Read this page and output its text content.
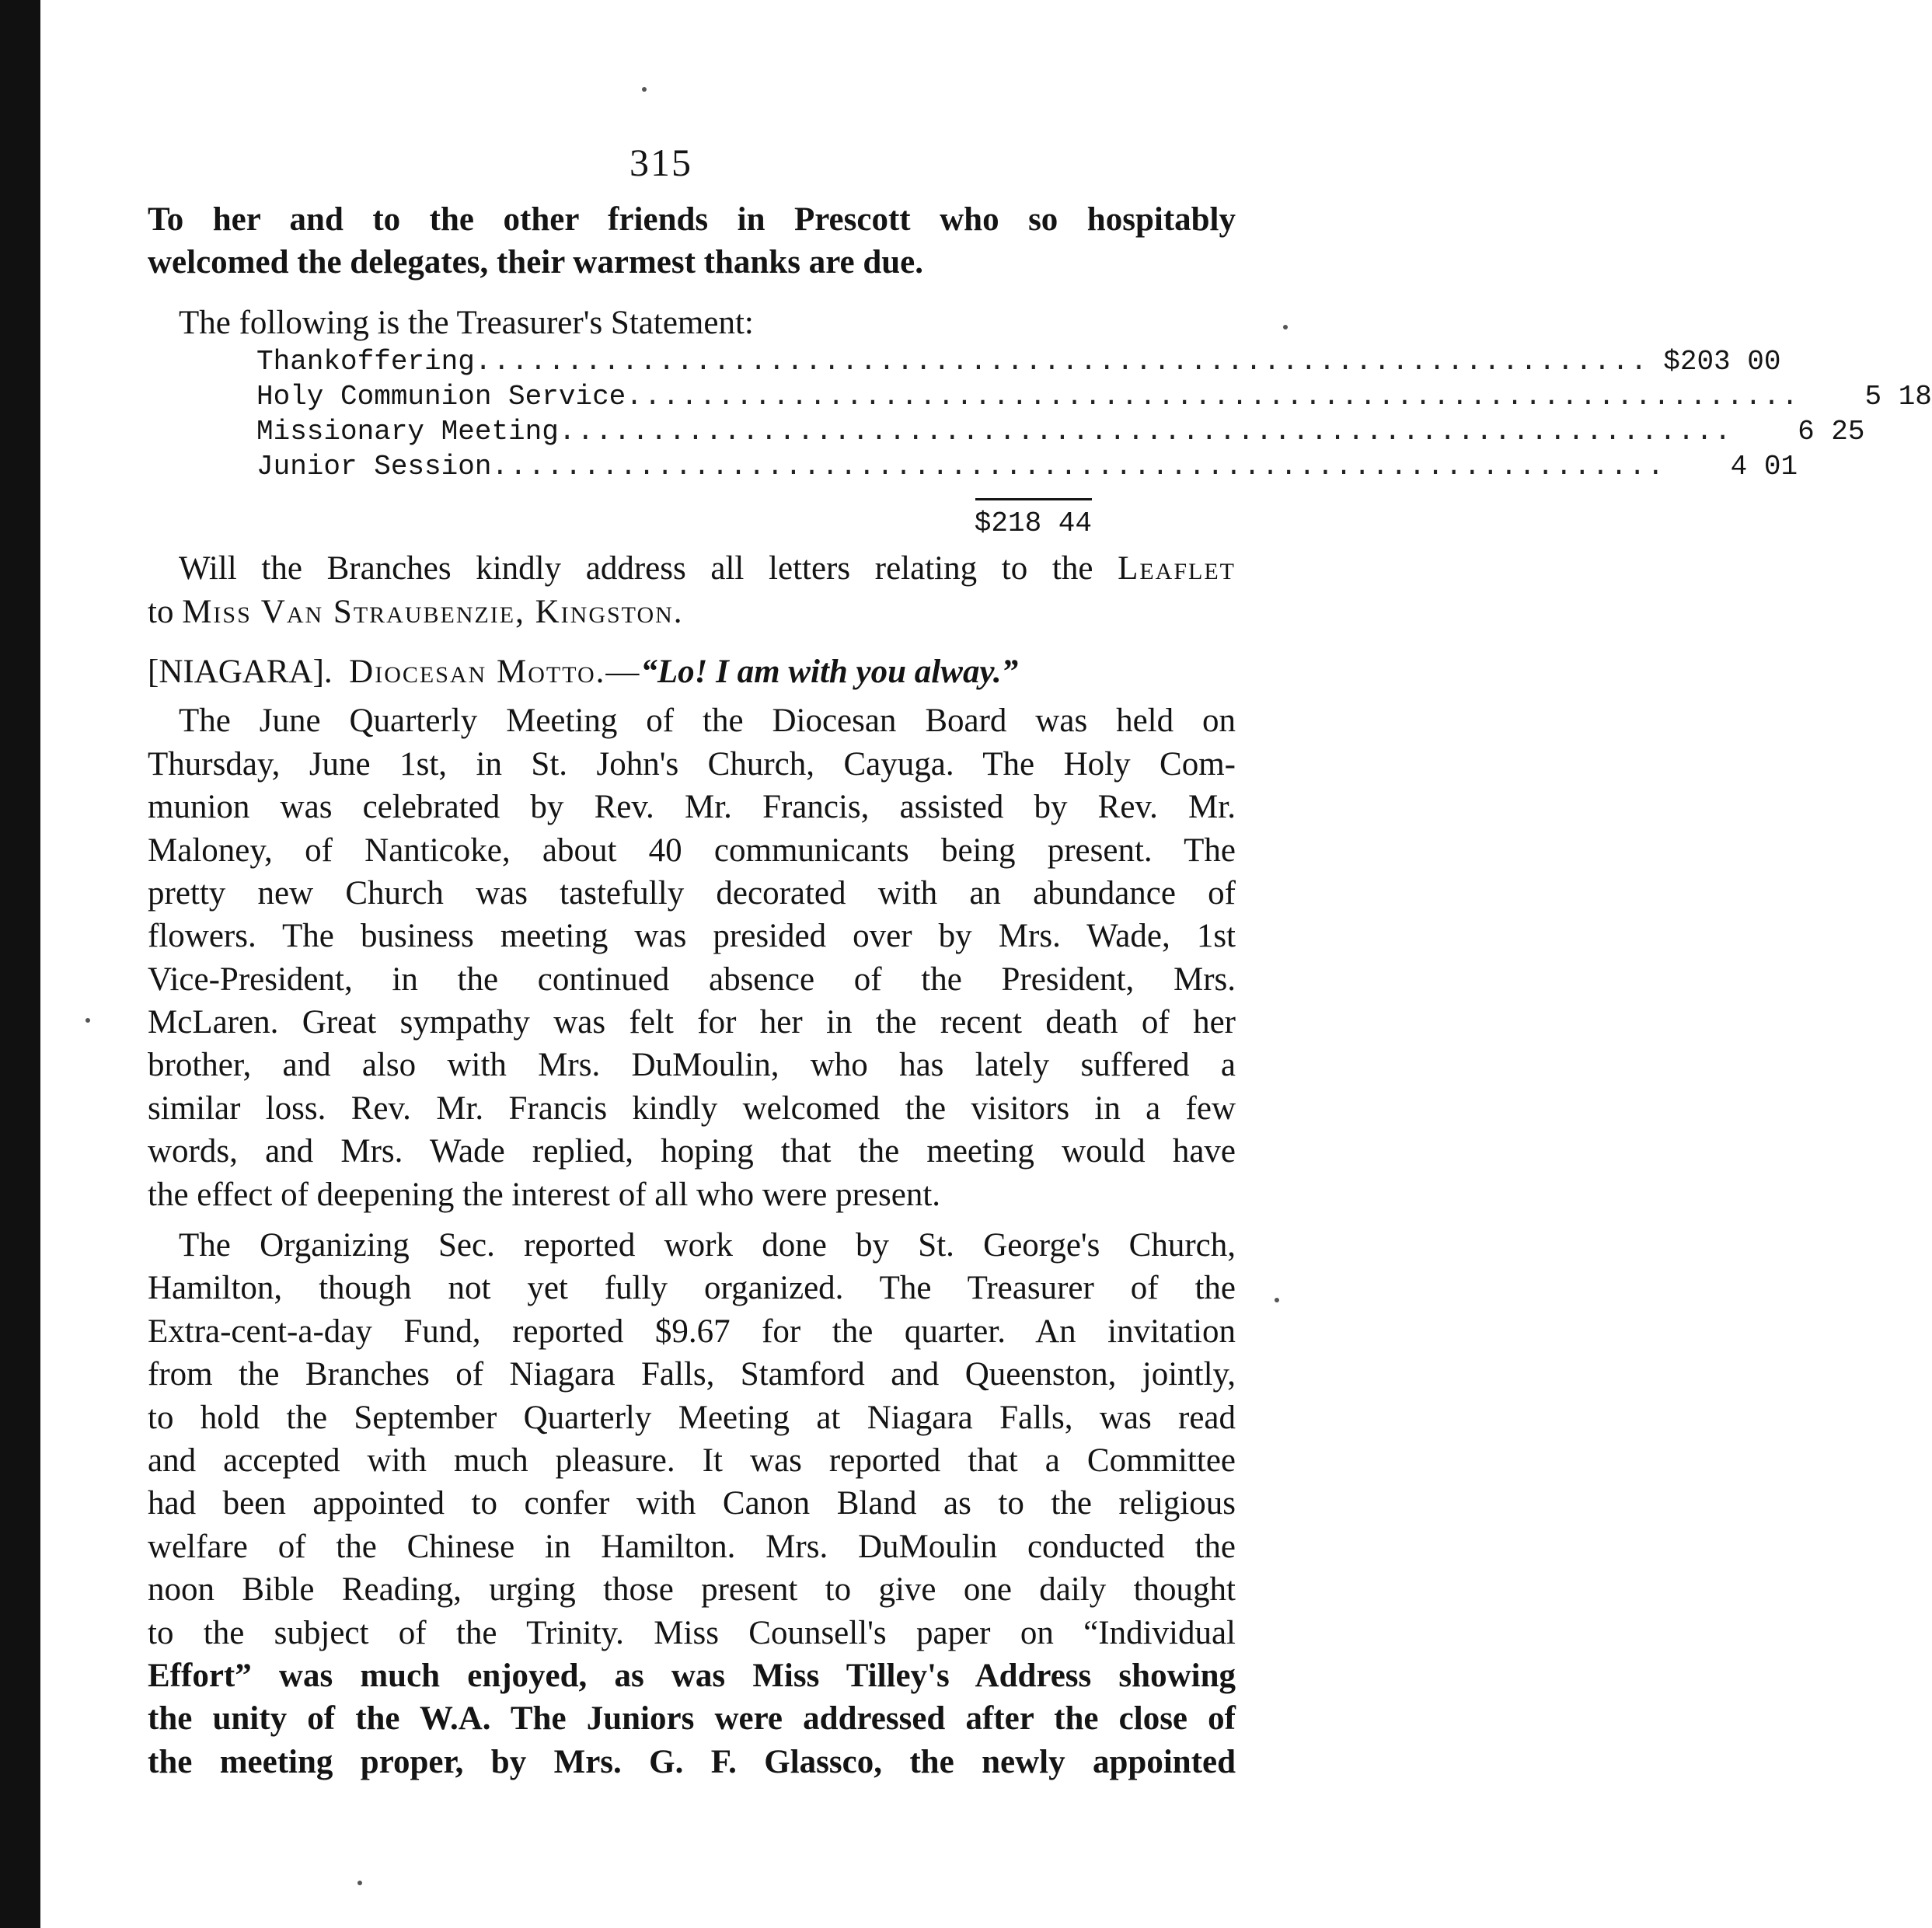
315
To her and to the other friends in Prescott who so hospitably
welcomed the delegates, their warmest thanks are due.
The following is the Treasurer's Statement:
Thankoffering ................................................................ $203 00
Holy Communion Service ................................................................	5 18
Missionary Meeting ................................................................	6 25
Junior Session ................................................................	4 01
$218 44
Will the Branches kindly address all letters relating to the Leaflet
to Miss Van Straubenzie, Kingston.
[NIAGARA]. Diocesan Motto.—“Lo! I am with you alway.”
The June Quarterly Meeting of the Diocesan Board was held on
Thursday, June 1st, in St. John's Church, Cayuga. The Holy Com-
munion was celebrated by Rev. Mr. Francis, assisted by Rev. Mr.
Maloney, of Nanticoke, about 40 communicants being present. The
pretty new Church was tastefully decorated with an abundance of
flowers. The business meeting was presided over by Mrs. Wade, 1st
Vice-President, in the continued absence of the President, Mrs.
McLaren. Great sympathy was felt for her in the recent death of her
brother, and also with Mrs. DuMoulin, who has lately suffered a
similar loss. Rev. Mr. Francis kindly welcomed the visitors in a few
words, and Mrs. Wade replied, hoping that the meeting would have
the effect of deepening the interest of all who were present.
The Organizing Sec. reported work done by St. George's Church,
Hamilton, though not yet fully organized. The Treasurer of the
Extra-cent-a-day Fund, reported $9.67 for the quarter. An invitation
from the Branches of Niagara Falls, Stamford and Queenston, jointly,
to hold the September Quarterly Meeting at Niagara Falls, was read
and accepted with much pleasure. It was reported that a Committee
had been appointed to confer with Canon Bland as to the religious
welfare of the Chinese in Hamilton. Mrs. DuMoulin conducted the
noon Bible Reading, urging those present to give one daily thought
to the subject of the Trinity. Miss Counsell's paper on “Individual
Effort” was much enjoyed, as was Miss Tilley's Address showing
the unity of the W.A. The Juniors were addressed after the close of
the meeting proper, by Mrs. G. F. Glassco, the newly appointed
